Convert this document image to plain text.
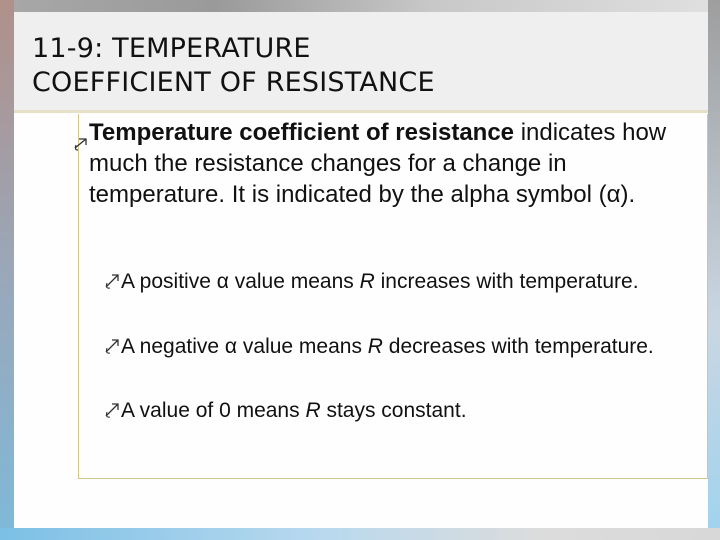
11-9: TEMPERATURE
COEFFICIENT OF RESISTANCE

Temperature coefficient of resistance indicates how much the resistance changes for a change in temperature. It is indicated by the alpha symbol (α).

A positive α value means R increases with temperature.

A negative α value means R decreases with temperature.

A value of 0 means R stays constant.
